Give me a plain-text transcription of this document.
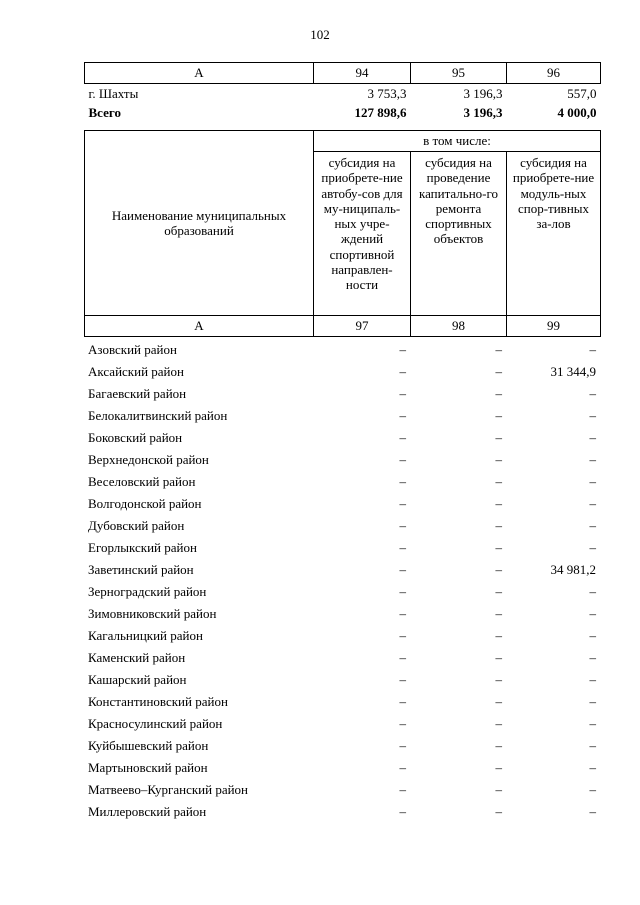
102
А	94	95	96
г. Шахты	3 753,3	3 196,3	557,0
Всего	127 898,6	3 196,3	4 000,0
Наименование муниципальных образований	в том числе:		
	субсидия на приобрете-ние автобу-сов для му-ниципаль-ных учре-ждений спортивной направлен-ности	субсидия на проведение капитально-го ремонта спортивных объектов	субсидия на приобрете-ние модуль-ных спор-тивных за-лов
А	97	98	99
Азовский район	–	–	–
Аксайский район	–	–	31 344,9
Багаевский район	–	–	–
Белокалитвинский район	–	–	–
Боковский район	–	–	–
Верхнедонской район	–	–	–
Веселовский район	–	–	–
Волгодонской район	–	–	–
Дубовский район	–	–	–
Егорлыкский район	–	–	–
Заветинский район	–	–	34 981,2
Зерноградский район	–	–	–
Зимовниковский район	–	–	–
Кагальницкий район	–	–	–
Каменский район	–	–	–
Кашарский район	–	–	–
Константиновский район	–	–	–
Красносулинский район	–	–	–
Куйбышевский район	–	–	–
Мартыновский район	–	–	–
Матвеево–Курганский район	–	–	–
Миллеровский район	–	–	–
